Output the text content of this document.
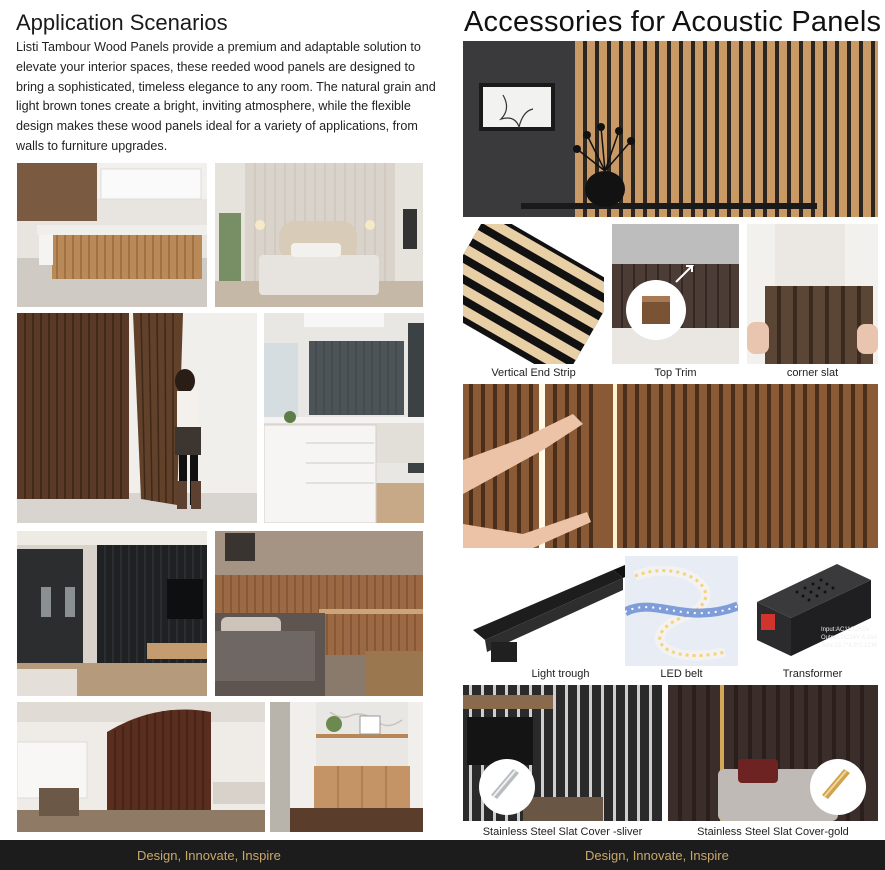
Application Scenarios
Listi Tambour Wood Panels provide a premium and adaptable solution to elevate your interior spaces, these reeded wood panels are designed to bring a sophisticated, timeless elegance to any room. The natural grain and light brown tones create a bright, inviting atmosphere, while the flexible design makes these wood panels ideal for a variety of applications, from walls to furniture upgrades.
Accessories for Acoustic Panels
Vertical End Strip	Top Trim	corner slat
Light trough	LED belt
Input:AC110-265V
Output:DC24V 4.16A
Size:13.7*4.9*2.1CM
Transformer
Stainless Steel Slat Cover -sliver	Stainless Steel Slat Cover-gold
Design, Innovate, Inspire	Design, Innovate, Inspire
